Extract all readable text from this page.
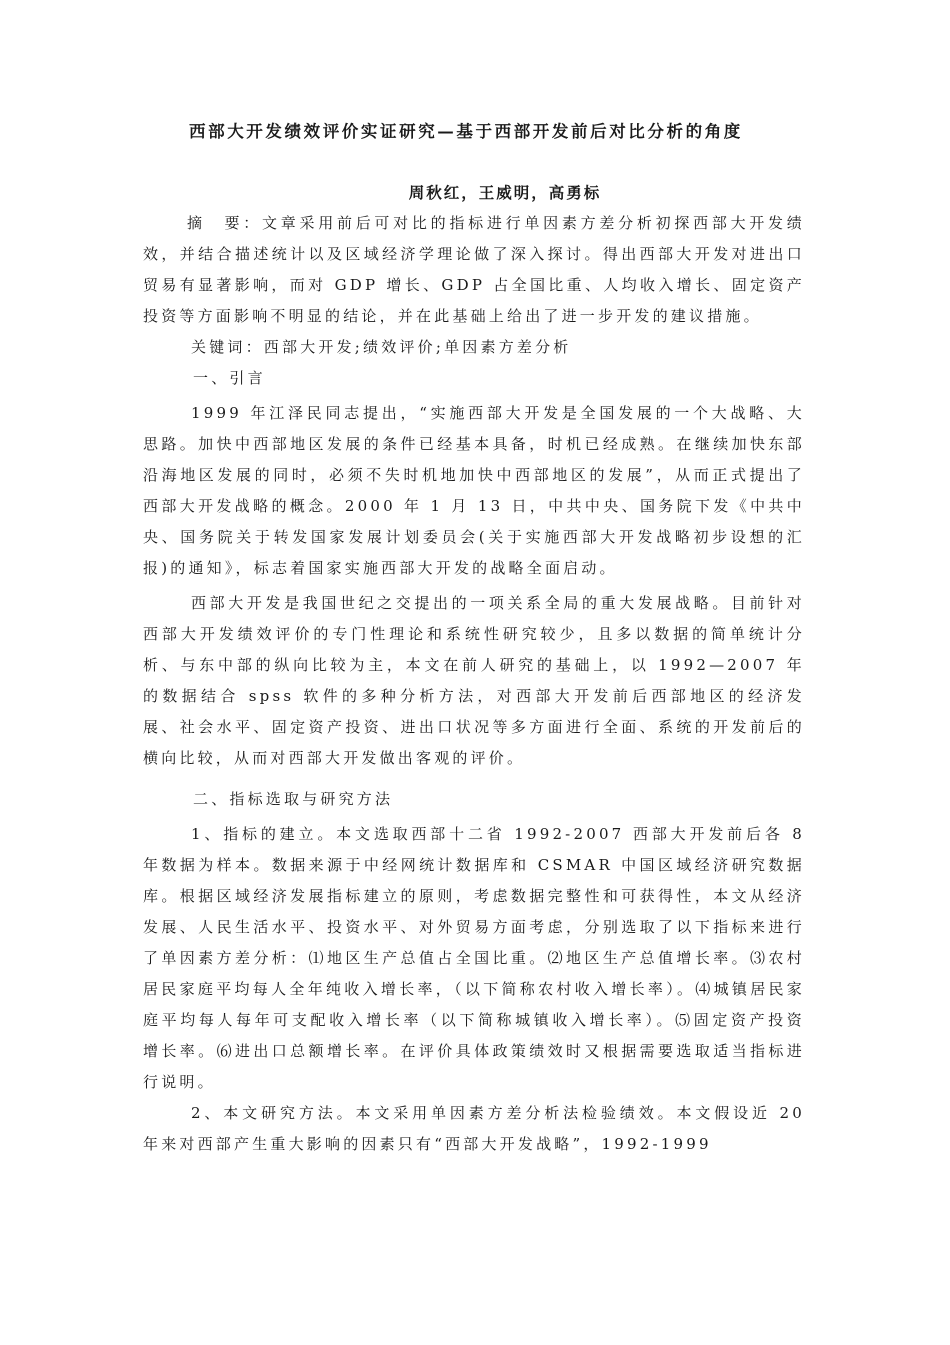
西部大开发绩效评价实证研究—基于西部开发前后对比分析的角度
周秋红，王威明，高勇标

摘　要：文章采用前后可对比的指标进行单因素方差分析初探西部大开发绩效，并结合描述统计以及区域经济学理论做了深入探讨。得出西部大开发对进出口贸易有显著影响，而对 GDP 增长、GDP 占全国比重、人均收入增长、固定资产投资等方面影响不明显的结论，并在此基础上给出了进一步开发的建议措施。

关键词：西部大开发;绩效评价;单因素方差分析

一、引言

1999 年江泽民同志提出，“实施西部大开发是全国发展的一个大战略、大思路。加快中西部地区发展的条件已经基本具备，时机已经成熟。在继续加快东部沿海地区发展的同时，必须不失时机地加快中西部地区的发展”，从而正式提出了西部大开发战略的概念。2000 年 1 月 13 日，中共中央、国务院下发《中共中央、国务院关于转发国家发展计划委员会(关于实施西部大开发战略初步设想的汇报)的通知》，标志着国家实施西部大开发的战略全面启动。

西部大开发是我国世纪之交提出的一项关系全局的重大发展战略。目前针对西部大开发绩效评价的专门性理论和系统性研究较少，且多以数据的简单统计分析、与东中部的纵向比较为主，本文在前人研究的基础上，以 1992—2007 年的数据结合 spss 软件的多种分析方法，对西部大开发前后西部地区的经济发展、社会水平、固定资产投资、进出口状况等多方面进行全面、系统的开发前后的横向比较，从而对西部大开发做出客观的评价。

二、指标选取与研究方法

1、指标的建立。本文选取西部十二省 1992-2007 西部大开发前后各 8 年数据为样本。数据来源于中经网统计数据库和 CSMAR 中国区域经济研究数据库。根据区域经济发展指标建立的原则，考虑数据完整性和可获得性，本文从经济发展、人民生活水平、投资水平、对外贸易方面考虑，分别选取了以下指标来进行了单因素方差分析：⑴地区生产总值占全国比重。⑵地区生产总值增长率。⑶农村居民家庭平均每人全年纯收入增长率，（以下简称农村收入增长率）。⑷城镇居民家庭平均每人每年可支配收入增长率（以下简称城镇收入增长率）。⑸固定资产投资增长率。⑹进出口总额增长率。在评价具体政策绩效时又根据需要选取适当指标进行说明。

2、本文研究方法。本文采用单因素方差分析法检验绩效。本文假设近 20 年来对西部产生重大影响的因素只有“西部大开发战略”，1992-1999
